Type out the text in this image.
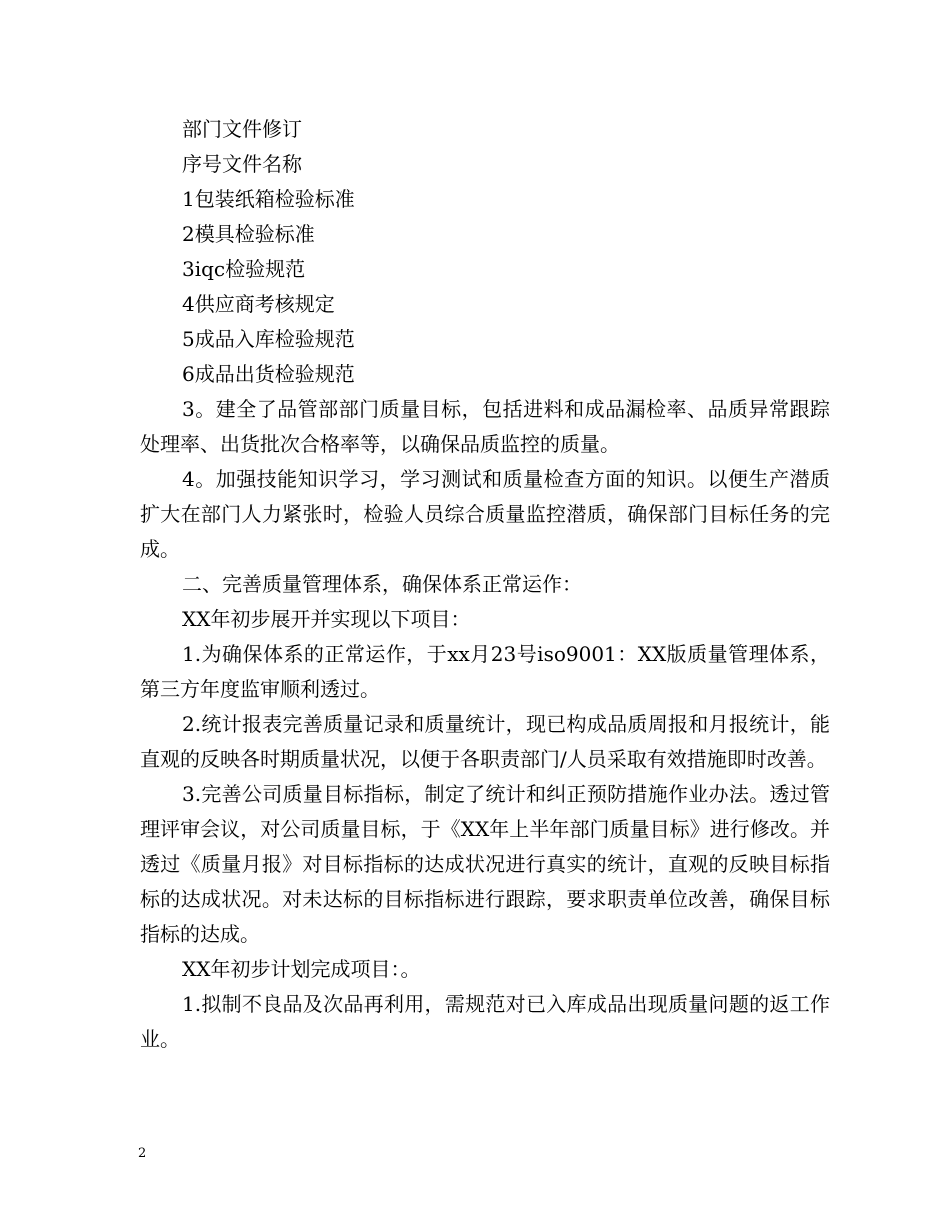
部门文件修订

序号文件名称

1包装纸箱检验标准

2模具检验标准

3iqc检验规范

4供应商考核规定

5成品入库检验规范

6成品出货检验规范

3。建全了品管部部门质量目标，包括进料和成品漏检率、品质异常跟踪处理率、出货批次合格率等，以确保品质监控的质量。

4。加强技能知识学习，学习测试和质量检查方面的知识。以便生产潜质扩大在部门人力紧张时，检验人员综合质量监控潜质，确保部门目标任务的完成。

二、完善质量管理体系，确保体系正常运作：

XX年初步展开并实现以下项目：

1.为确保体系的正常运作，于xx月23号iso9001：XX版质量管理体系，第三方年度监审顺利透过。

2.统计报表完善质量记录和质量统计，现已构成品质周报和月报统计，能直观的反映各时期质量状况，以便于各职责部门/人员采取有效措施即时改善。

3.完善公司质量目标指标，制定了统计和纠正预防措施作业办法。透过管理评审会议，对公司质量目标，于《XX年上半年部门质量目标》进行修改。并透过《质量月报》对目标指标的达成状况进行真实的统计，直观的反映目标指标的达成状况。对未达标的目标指标进行跟踪，要求职责单位改善，确保目标指标的达成。

XX年初步计划完成项目：。

1.拟制不良品及次品再利用，需规范对已入库成品出现质量问题的返工作业。

2
